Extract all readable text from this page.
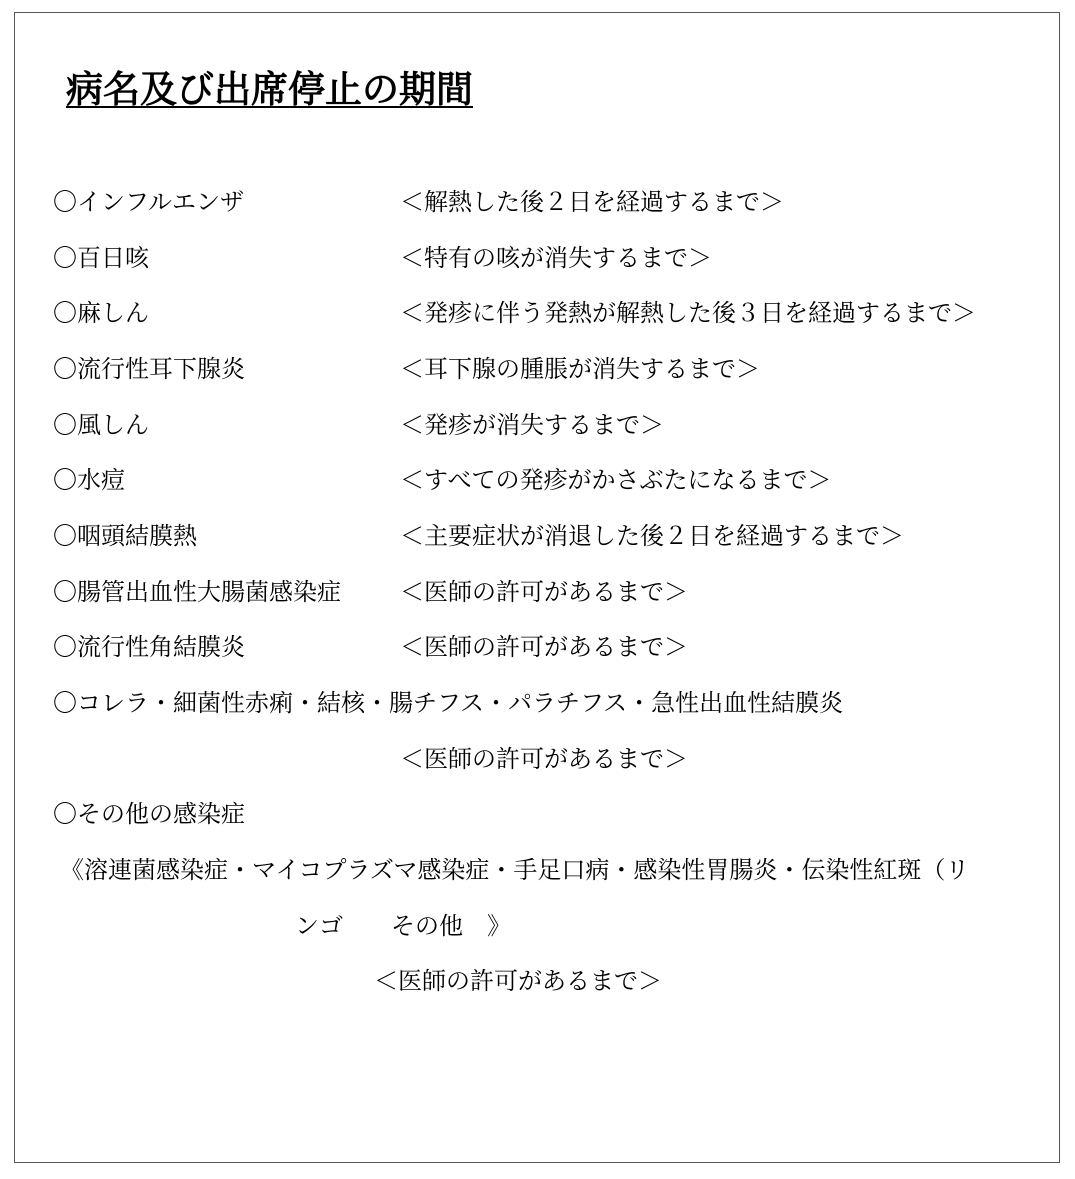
病名及び出席停止の期間
〇インフルエンザ	＜解熱した後２日を経過するまで＞
〇百日咳	＜特有の咳が消失するまで＞
〇麻しん	＜発疹に伴う発熱が解熱した後３日を経過するまで＞
〇流行性耳下腺炎	＜耳下腺の腫脹が消失するまで＞
〇風しん	＜発疹が消失するまで＞
〇水痘	＜すべての発疹がかさぶたになるまで＞
〇咽頭結膜熱	＜主要症状が消退した後２日を経過するまで＞
〇腸管出血性大腸菌感染症 ＜医師の許可があるまで＞
〇流行性角結膜炎	＜医師の許可があるまで＞
〇コレラ・細菌性赤痢・結核・腸チフス・パラチフス・急性出血性結膜炎
＜医師の許可があるまで＞
〇その他の感染症
《溶連菌感染症・マイコプラズマ感染症・手足口病・感染性胃腸炎・伝染性紅斑（リ
ンゴ　　その他　》
＜医師の許可があるまで＞
